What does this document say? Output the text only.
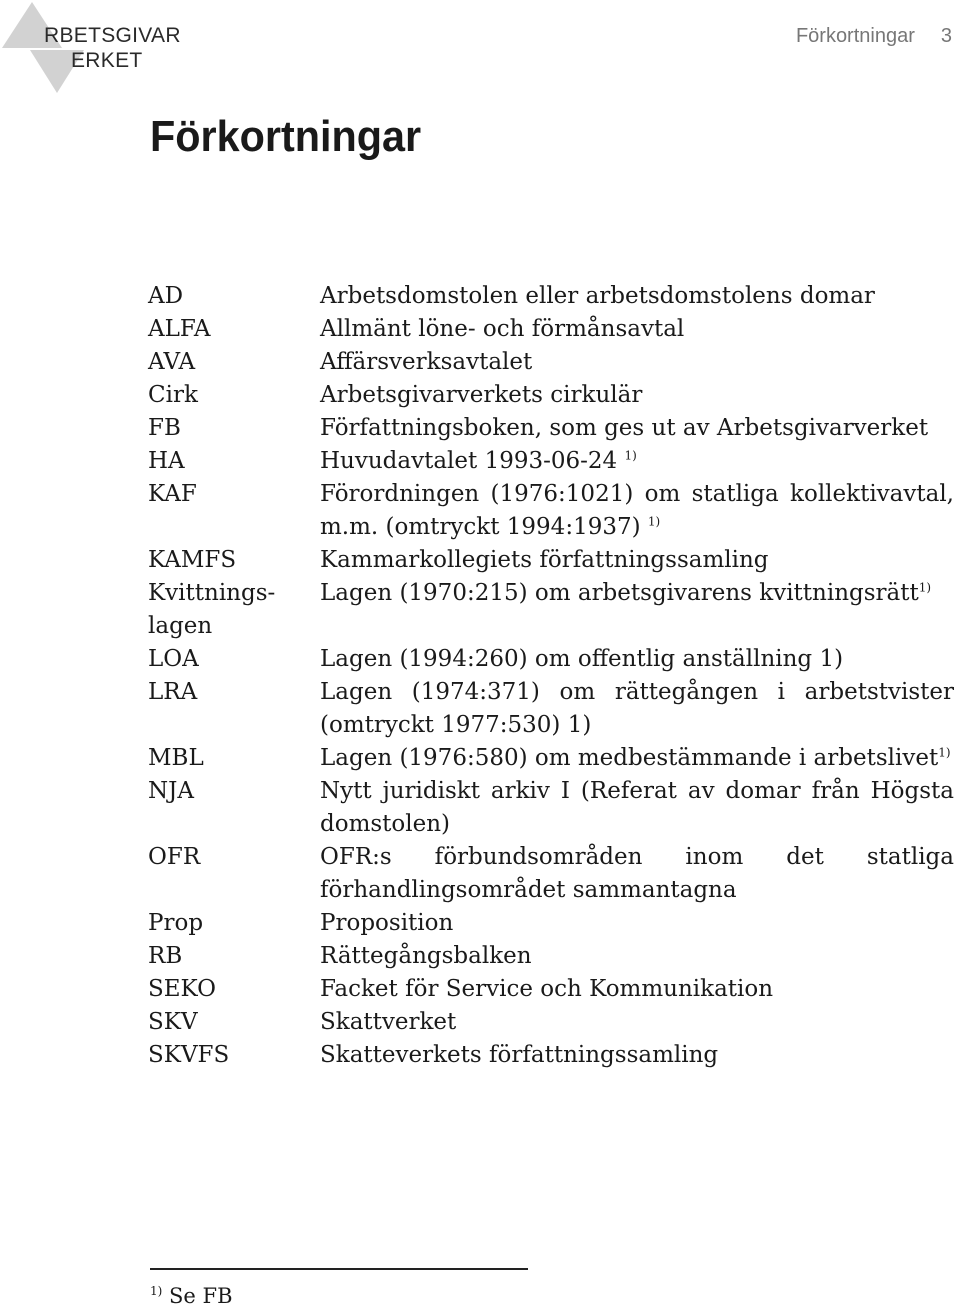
RBETSGIVAR
ERKET
Förkortningar 3
Förkortningar
AD	Arbetsdomstolen eller arbetsdomstolens domar
ALFA	Allmänt löne- och förmånsavtal
AVA	Affärsverksavtalet
Cirk	Arbetsgivarverkets cirkulär
FB	Författningsboken, som ges ut av Arbetsgivarverket
HA	Huvudavtalet 1993-06-24 $^{1)}$
KAF	Förordningen (1976:1021) om statliga kollektivavtal, m.m. (omtryckt 1994:1937) $^{1)}$
KAMFS	Kammarkollegiets författningssamling
Kvittnings-lagen	Lagen (1970:215) om arbetsgivarens kvittningsrätt$^{1)}$
LOA	Lagen (1994:260) om offentlig anställning 1)
LRA	Lagen (1974:371) om rättegången i arbetstvister (omtryckt 1977:530) 1)
MBL	Lagen (1976:580) om medbestämmande i arbetslivet$^{1)}$
NJA	Nytt juridiskt arkiv I (Referat av domar från Högsta domstolen)
OFR	OFR:s förbundsområden inom det statliga förhandlingsområdet sammantagna
Prop	Proposition
RB	Rättegångsbalken
SEKO	Facket för Service och Kommunikation
SKV	Skattverket
SKVFS	Skatteverkets författningssamling
$^{1)}$ Se FB
